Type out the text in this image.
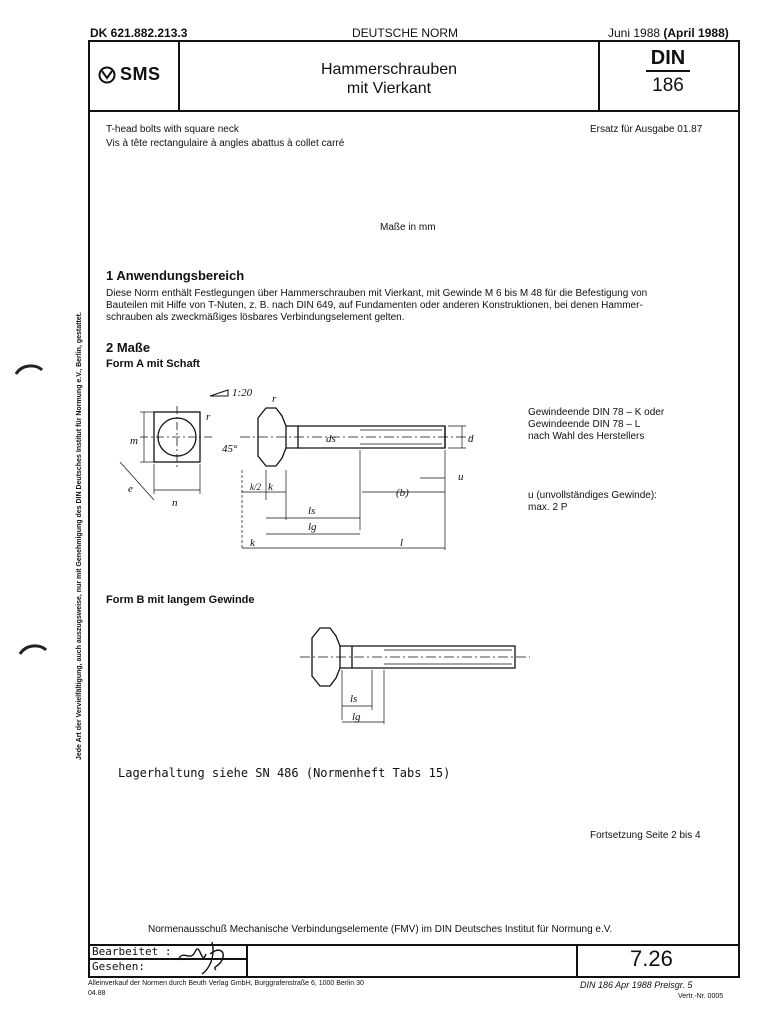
DK 621.882.213.3	DEUTSCHE NORM	Juni 1988 (April 1988)
SMS	Hammerschrauben
mit Vierkant
DIN
186
T-head bolts with square neck
Vis à tête rectangulaire à angles abattus à collet carré
Ersatz für Ausgabe 01.87
Maße in mm
1 Anwendungsbereich
Diese Norm enthält Festlegungen über Hammerschrauben mit Vierkant, mit Gewinde M 6 bis M 48 für die Befestigung von
Bauteilen mit Hilfe von T-Nuten, z. B. nach DIN 649, auf Fundamenten oder anderen Konstruktionen, bei denen Hammer-
schrauben als zweckmäßiges lösbares Verbindungselement gelten.
2 Maße
Form A mit Schaft
1:20
m
e
n
r
r
45°
k
k/2
ds	d
u
(b)
ls
lg
k	l
Gewindeende DIN 78 – K oder
Gewindeende DIN 78 – L
nach Wahl des Herstellers
u (unvollständiges Gewinde):
max. 2 P
Form B mit langem Gewinde
ls
lg
Lagerhaltung siehe SN 486 (Normenheft Tabs 15)
Fortsetzung Seite 2 bis 4
Normenausschuß Mechanische Verbindungselemente (FMV) im DIN Deutsches Institut für Normung e.V.
Bearbeitet :
Gesehen:	7.26
Alleinverkauf der Normen durch Beuth Verlag GmbH, Burggrafenstraße 6, 1000 Berlin 30
04.88
DIN 186 Apr 1988 Preisgr. 5
Vertr.-Nr. 0005
Jede Art der Vervielfältigung, auch auszugsweise, nur mit Genehmigung des DIN Deutsches Institut für Normung e.V., Berlin, gestattet.
